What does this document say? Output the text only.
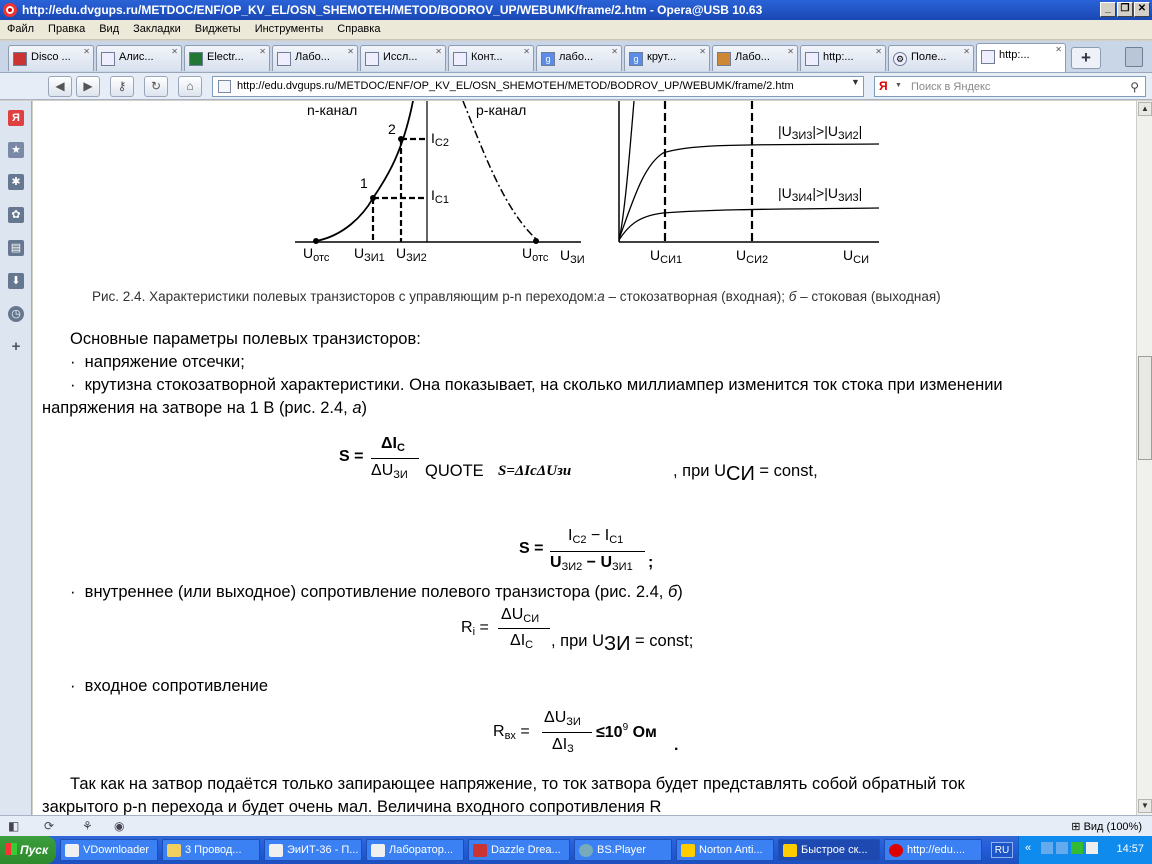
http://edu.dvgups.ru/METDOC/ENF/OP_KV_EL/OSN_SHEMOTEH/METOD/BODROV_UP/WEBUMK/frame/2.htm - Opera@USB 10.63	_ ❐ ✕
Файл Правка Вид Закладки Виджеты Инструменты Справка
Disco ... ✕	Алис... ✕	Electr... ✕	Лабо... ✕	Иссл... ✕	Конт...	✕
g лабо... ✕
g крут...	✕	Лабо... ✕	http:...	✕
⚙ Поле... ✕	http:...	✕	+
◀	▶	⚷	↻	⌂	http://edu.dvgups.ru/METDOC/ENF/OP_KV_EL/OSN_SHEMOTEH/METOD/BODROV_UP/WEBUMK/frame/2.htm	▼ Я	▼ Поиск в Яндекс	⚲
Я
★
✱
✿
▤
⬇
◷
+
n-канал	p-канал
2
1
$I_{C2}$
$I_{C1}$
$U_{отс}$ $U_{ЗИ1}$ $U_{ЗИ2}$	$U_{отс}$ $U_{ЗИ}$
$|U_{ЗИ3}|>|U_{ЗИ2}|$
$|U_{ЗИ4}|>|U_{ЗИ3}|$
$U_{СИ1}$	$U_{СИ2}$	$U_{СИ}$
Рис. 2.4. Характеристики полевых транзисторов с управляющим p-n переходом:а – стокозатворная (входная); б – стоковая (выходная)
Основные параметры полевых транзисторов:
· напряжение отсечки;
· крутизна стокозатворной характеристики. Она показывает, на сколько миллиампер изменится ток стока при изменении
напряжения на затворе на 1 В (рис. 2.4, а)
S =
$\Delta I_C$
$\Delta U_{ЗИ}$ QUOTE S=ΔIcΔUзи	, при UСИ = const,
S =
$I_{C2} - I_{C1}$
$U_{ЗИ2} - U_{ЗИ1}$ ;
· внутреннее (или выходное) сопротивление полевого транзистора (рис. 2.4, б)
$R_i$ =
$\Delta U_{СИ}$
$\Delta I_С$ , при UЗИ = const;
· входное сопротивление
$R_{вх}$ =
$\Delta U_{ЗИ}$
$\Delta I_З$
$\le 10^9$ Ом
.
Так как на затвор подаётся только запирающее напряжение, то ток затвора будет представлять собой обратный ток
закрытого p-n перехода и будет очень мал. Величина входного сопротивления R
▲
▼
◧ ⟳ ⚘ ◉	⊞ Вид (100%)
Пуск	VDownloader	3 Провод...	ЭиИТ-36 - П...	Лаборатор...	Dazzle Drea...	BS.Player	Norton Anti...	Быстрое ск...	http://edu....	RU	«	14:57
